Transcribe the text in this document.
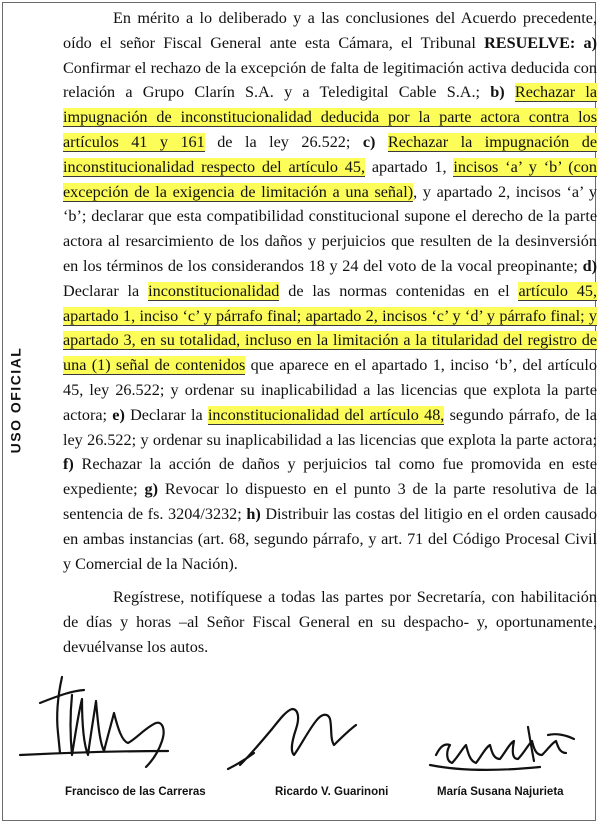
USO OFICIAL

En mérito a lo deliberado y a las conclusiones del Acuerdo precedente, oído el señor Fiscal General ante esta Cámara, el Tribunal RESUELVE: a) Confirmar el rechazo de la excepción de falta de legitimación activa deducida con relación a Grupo Clarín S.A. y a Teledigital Cable S.A.; b) Rechazar la impugnación de inconstitucionalidad deducida por la parte actora contra los artículos 41 y 161 de la ley 26.522; c) Rechazar la impugnación de inconstitucionalidad respecto del artículo 45, apartado 1, incisos ‘a’ y ‘b’ (con excepción de la exigencia de limitación a una señal), y apartado 2, incisos ‘a’ y ‘b’; declarar que esta compatibilidad constitucional supone el derecho de la parte actora al resarcimiento de los daños y perjuicios que resulten de la desinversión en los términos de los considerandos 18 y 24 del voto de la vocal preopinante; d) Declarar la inconstitucionalidad de las normas contenidas en el artículo 45, apartado 1, inciso ‘c’ y párrafo final; apartado 2, incisos ‘c’ y ‘d’ y párrafo final; y apartado 3, en su totalidad, incluso en la limitación a la titularidad del registro de una (1) señal de contenidos que aparece en el apartado 1, inciso ‘b’, del artículo 45, ley 26.522; y ordenar su inaplicabilidad a las licencias que explota la parte actora; e) Declarar la inconstitucionalidad del artículo 48, segundo párrafo, de la ley 26.522; y ordenar su inaplicabilidad a las licencias que explota la parte actora; f) Rechazar la acción de daños y perjuicios tal como fue promovida en este expediente; g) Revocar lo dispuesto en el punto 3 de la parte resolutiva de la sentencia de fs. 3204/3232; h) Distribuir las costas del litigio en el orden causado en ambas instancias (art. 68, segundo párrafo, y art. 71 del Código Procesal Civil y Comercial de la Nación).

Regístrese, notifíquese a todas las partes por Secretaría, con habilitación de días y horas –al Señor Fiscal General en su despacho- y, oportunamente, devuélvanse los autos.

Francisco de las Carreras	Ricardo V. Guarinoni	María Susana Najurieta
